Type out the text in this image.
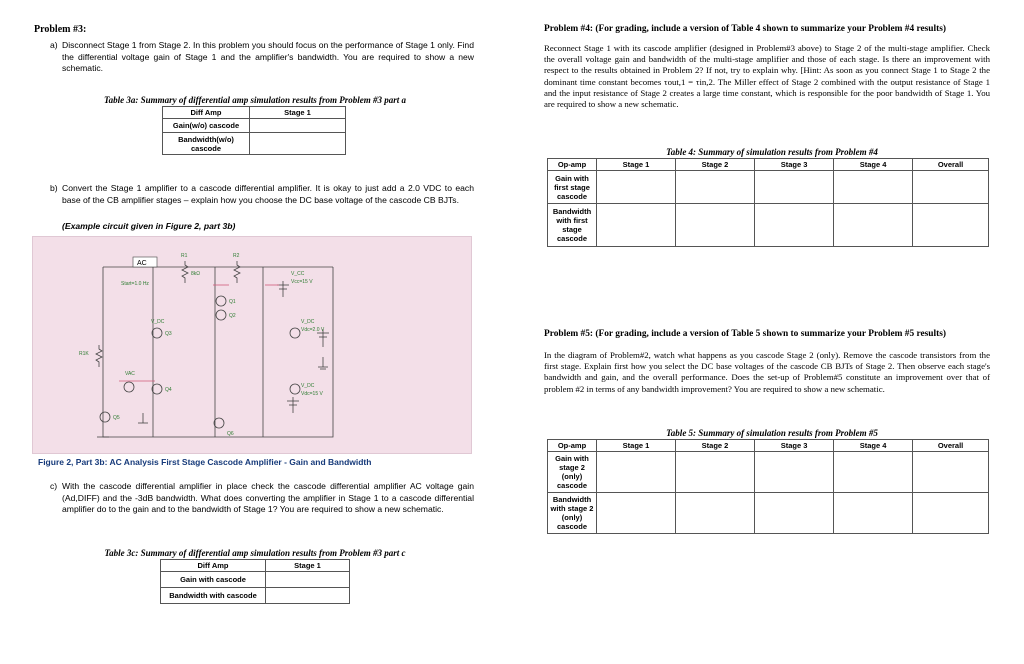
Problem #3:
a) Disconnect Stage 1 from Stage 2. In this problem you should focus on the performance of Stage 1 only. Find the differential voltage gain of Stage 1 and the amplifier's bandwidth. You are required to show a new schematic.
Table 3a: Summary of differential amp simulation results from Problem #3 part a
Diff Amp	Stage 1
Gain(w/o) cascode	
Bandwidth(w/o) cascode	
b) Convert the Stage 1 amplifier to a cascode differential amplifier. It is okay to just add a 2.0 VDC to each base of the CB amplifier stages – explain how you choose the DC base voltage of the cascode CB BJTs.
(Example circuit given in Figure 2, part 3b)
AC
R1	R2
8kΩ	V_CC
Vcc=15 V
V_DC	V_DC
Vdc=2.0 V
V_DC
Vdc=15 V
R1K
Q1
Q2
Q3
Q4
Q5
Q6
Start=1.0 Hz
VAC
Figure 2, Part 3b: AC Analysis First Stage Cascode Amplifier - Gain and Bandwidth
c) With the cascode differential amplifier in place check the cascode differential amplifier AC voltage gain (Ad,DIFF) and the -3dB bandwidth. What does converting the amplifier in Stage 1 to a cascode differential amplifier do to the gain and to the bandwidth of Stage 1? You are required to show a new schematic.
Table 3c: Summary of differential amp simulation results from Problem #3 part c
Diff Amp	Stage 1
Gain with cascode	
Bandwidth with cascode	
Problem #4: (For grading, include a version of Table 4 shown to summarize your Problem #4 results)
Reconnect Stage 1 with its cascode amplifier (designed in Problem#3 above) to Stage 2 of the multi-stage amplifier. Check the overall voltage gain and bandwidth of the multi-stage amplifier and those of each stage. Is there an improvement with respect to the results obtained in Problem 2? If not, try to explain why. [Hint: As soon as you connect Stage 1 to Stage 2 the dominant time constant becomes τout,1 = τin,2. The Miller effect of Stage 2 combined with the output resistance of Stage 1 and the input resistance of Stage 2 creates a large time constant, which is responsible for the poor bandwidth of Stage 1. You are required to show a new schematic.
Table 4: Summary of simulation results from Problem #4
Op-amp	Stage 1	Stage 2	Stage 3	Stage 4	Overall
Gain with first stage cascode					
Bandwidth with first stage cascode					
Problem #5: (For grading, include a version of Table 5 shown to summarize your Problem #5 results)
In the diagram of Problem#2, watch what happens as you cascode Stage 2 (only). Remove the cascode transistors from the first stage. Explain first how you select the DC base voltages of the cascode CB BJTs of Stage 2. Then observe each stage's bandwidth and gain, and the overall performance. Does the set-up of Problem#5 constitute an improvement over that of problem #2 in terms of any bandwidth improvement? You are required to show a new schematic.
Table 5: Summary of simulation results from Problem #5
Op-amp	Stage 1	Stage 2	Stage 3	Stage 4	Overall
Gain with stage 2 (only) cascode					
Bandwidth with stage 2 (only) cascode					
